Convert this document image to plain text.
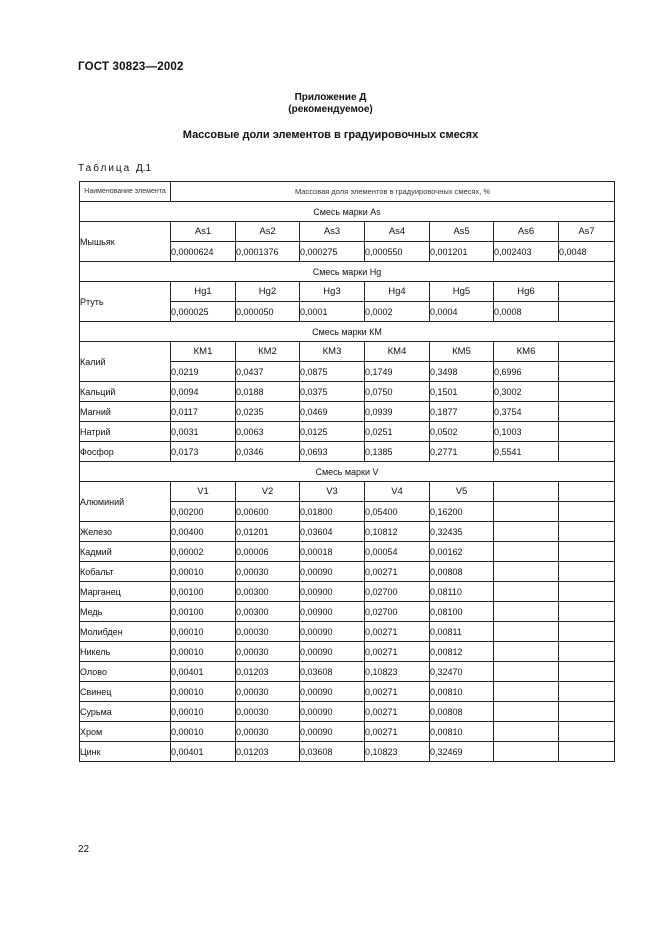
ГОСТ 30823—2002
Приложение Д
(рекомендуемое)
Массовые доли элементов в градуировочных смесях
Таблица Д.1
Наименование элемента	Массовая доля элементов в градуировочных смесях, %						
Смесь марки As							
Мышьяк	As1	As2	As3	As4	As5	As6	As7
	0,0000624	0,0001376	0,000275	0,000550	0,001201	0,002403	0,0048
Смесь марки Hg							
Ртуть	Hg1	Hg2	Hg3	Hg4	Hg5	Hg6	
	0,000025	0,000050	0,0001	0,0002	0,0004	0,0008	
Смесь марки КМ							
Калий	КМ1	КМ2	КМ3	КМ4	КМ5	КМ6	
	0,0219	0,0437	0,0875	0,1749	0,3498	0,6996	
Кальций	0,0094	0,0188	0,0375	0,0750	0,1501	0,3002	
Магний	0,0117	0,0235	0,0469	0,0939	0,1877	0,3754	
Натрий	0,0031	0,0063	0,0125	0,0251	0,0502	0,1003	
Фосфор	0,0173	0,0346	0,0693	0,1385	0,2771	0,5541	
Смесь марки V							
Алюминий	V1	V2	V3	V4	V5		
	0,00200	0,00600	0,01800	0,05400	0,16200		
Железо	0,00400	0,01201	0,03604	0,10812	0,32435		
Кадмий	0,00002	0,00006	0,00018	0,00054	0,00162		
Кобальт	0,00010	0,00030	0,00090	0,00271	0,00808		
Марганец	0,00100	0,00300	0,00900	0,02700	0,08110		
Медь	0,00100	0,00300	0,00900	0,02700	0,08100		
Молибден	0,00010	0,00030	0,00090	0,00271	0,00811		
Никель	0,00010	0,00030	0,00090	0,00271	0,00812		
Олово	0,00401	0,01203	0,03608	0,10823	0,32470		
Свинец	0,00010	0,00030	0,00090	0,00271	0,00810		
Сурьма	0,00010	0,00030	0,00090	0,00271	0,00808		
Хром	0,00010	0,00030	0,00090	0,00271	0,00810		
Цинк	0,00401	0,01203	0,03608	0,10823	0,32469		
22
